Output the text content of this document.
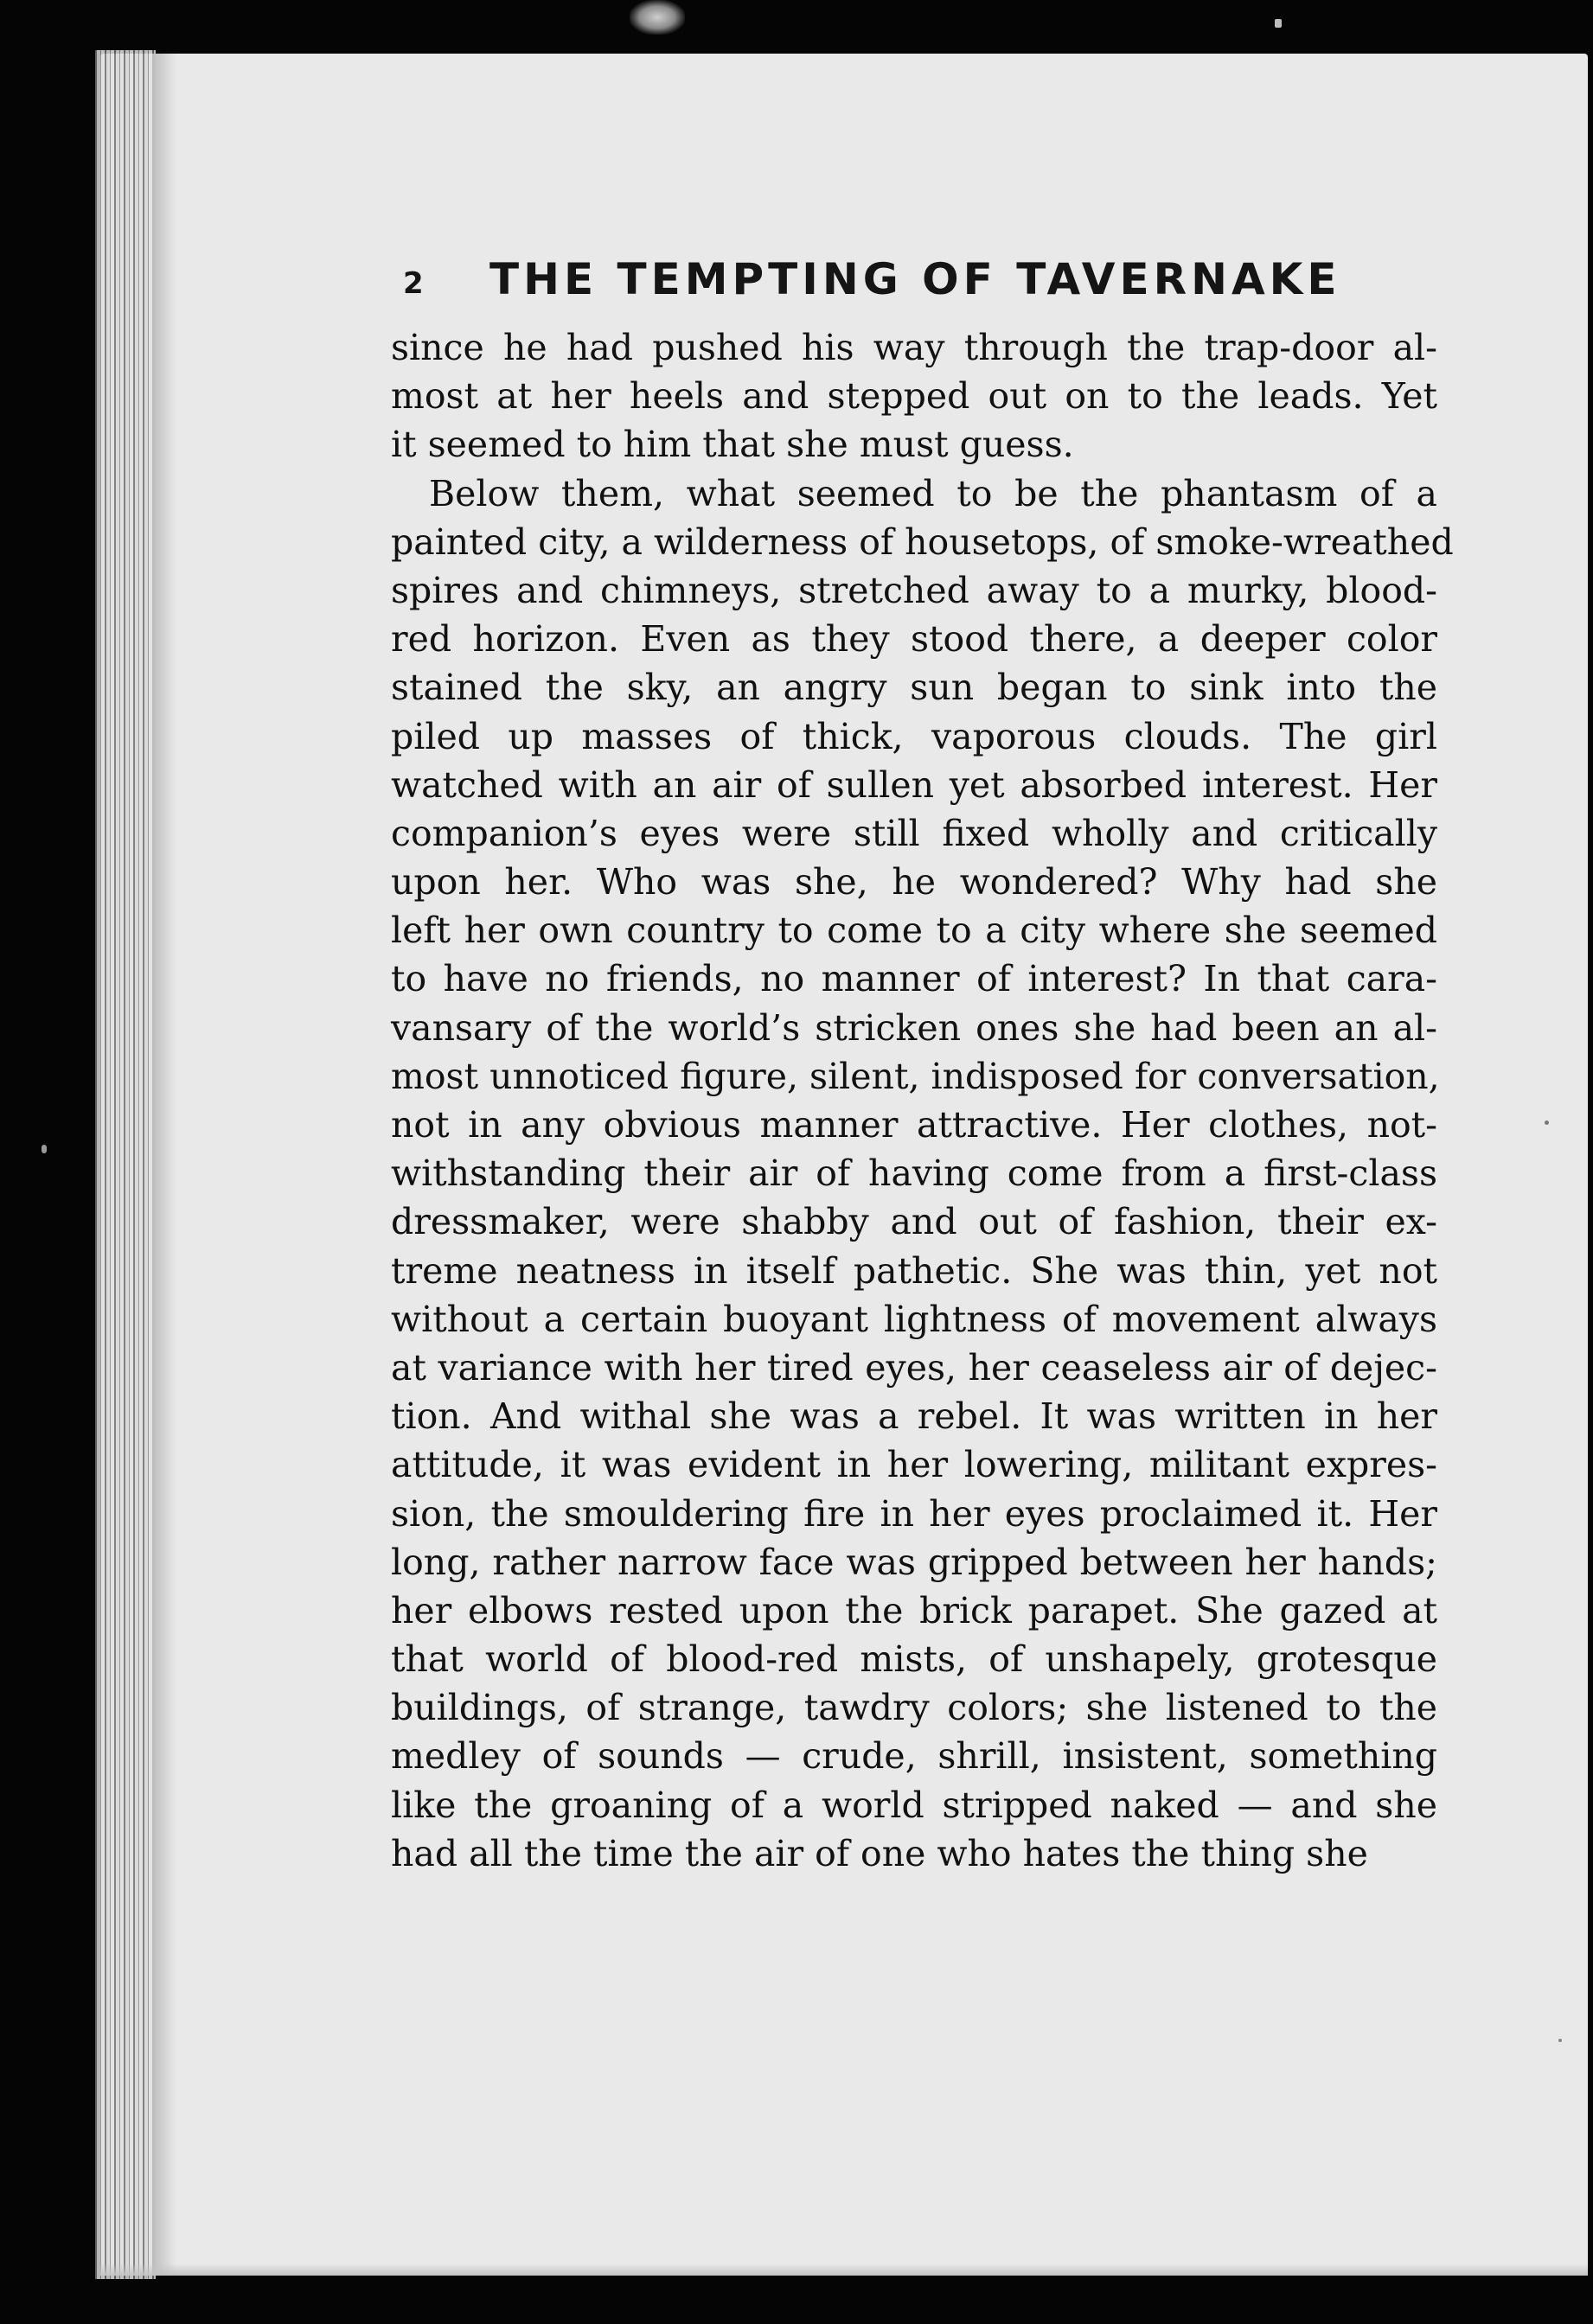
2 THE TEMPTING OF TAVERNAKE
since he had pushed his way through the trap-door al-
most at her heels and stepped out on to the leads. Yet
it seemed to him that she must guess.
Below them, what seemed to be the phantasm of a
painted city, a wilderness of housetops, of smoke-wreathed
spires and chimneys, stretched away to a murky, blood-
red horizon. Even as they stood there, a deeper color
stained the sky, an angry sun began to sink into the
piled up masses of thick, vaporous clouds. The girl
watched with an air of sullen yet absorbed interest. Her
companion’s eyes were still fixed wholly and critically
upon her. Who was she, he wondered? Why had she
left her own country to come to a city where she seemed
to have no friends, no manner of interest? In that cara-
vansary of the world’s stricken ones she had been an al-
most unnoticed figure, silent, indisposed for conversation,
not in any obvious manner attractive. Her clothes, not-
withstanding their air of having come from a first-class
dressmaker, were shabby and out of fashion, their ex-
treme neatness in itself pathetic. She was thin, yet not
without a certain buoyant lightness of movement always
at variance with her tired eyes, her ceaseless air of dejec-
tion. And withal she was a rebel. It was written in her
attitude, it was evident in her lowering, militant expres-
sion, the smouldering fire in her eyes proclaimed it. Her
long, rather narrow face was gripped between her hands;
her elbows rested upon the brick parapet. She gazed at
that world of blood-red mists, of unshapely, grotesque
buildings, of strange, tawdry colors; she listened to the
medley of sounds — crude, shrill, insistent, something
like the groaning of a world stripped naked — and she
had all the time the air of one who hates the thing she
